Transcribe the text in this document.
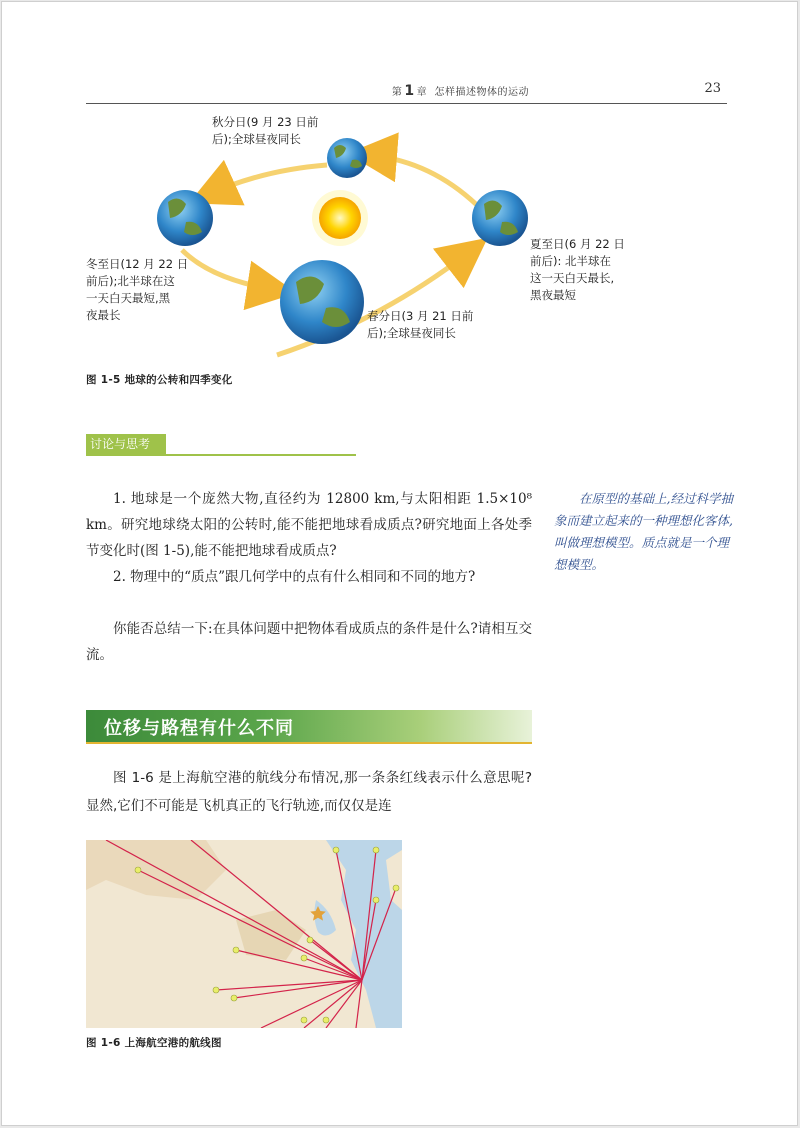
第 1 章 怎样描述物体的运动	23
秋分日(9 月 23 日前
后);全球昼夜同长
冬至日(12 月 22 日
前后);北半球在这
一天白天最短,黑
夜最长
夏至日(6 月 22 日
前后): 北半球在
这一天白天最长,
黑夜最短
春分日(3 月 21 日前
后);全球昼夜同长
图 1-5 地球的公转和四季变化
讨论与思考
1. 地球是一个庞然大物,直径约为 12800 km,与太阳相距 1.5×10⁸ km。研究地球绕太阳的公转时,能不能把地球看成质点?研究地面上各处季节变化时(图 1-5),能不能把地球看成质点?
2. 物理中的“质点”跟几何学中的点有什么相同和不同的地方?
你能否总结一下:在具体问题中把物体看成质点的条件是什么?请相互交流。
在原型的基础上,经过科学抽象而建立起来的一种理想化客体,叫做理想模型。质点就是一个理想模型。
位移与路程有什么不同
图 1-6 是上海航空港的航线分布情况,那一条条红线表示什么意思呢?显然,它们不可能是飞机真正的飞行轨迹,而仅仅是连
图 1-6 上海航空港的航线图
